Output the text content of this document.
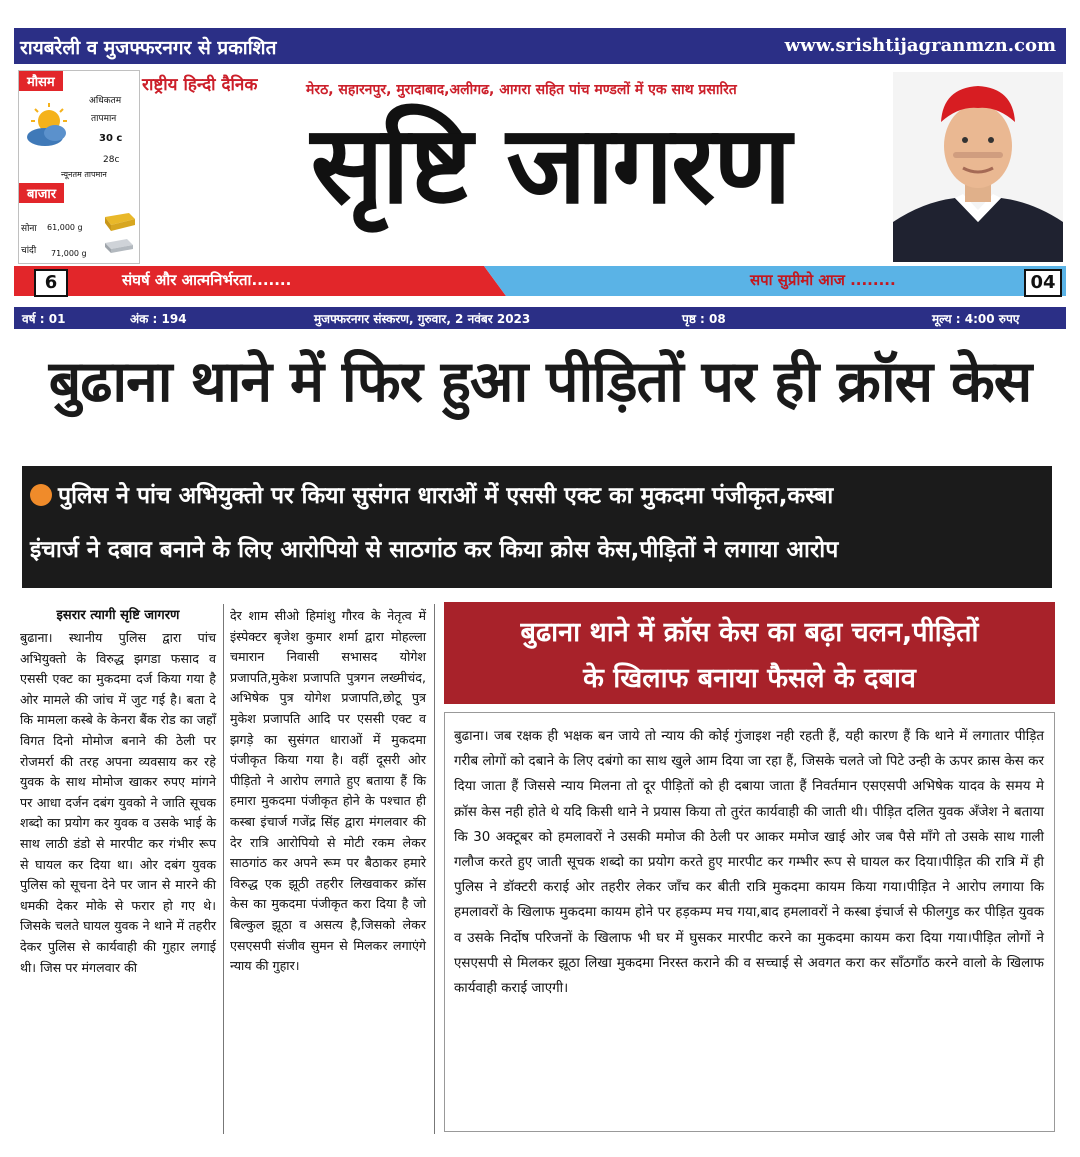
रायबरेली व मुजफ्फरनगर से प्रकाशित	www.srishtijagranmzn.com
मौसम
अधिकतम
तापमान
30 c
28c
न्यूनतम तापमान
बाजार
सोना 61,000 g
चांदी 71,000 g
राष्ट्रीय हिन्दी दैनिक	मेरठ, सहारनपुर, मुरादाबाद,अलीगढ, आगरा सहित पांच मण्डलों में एक साथ प्रसारित
सृष्टि जागरण
6	संघर्ष और आत्मनिर्भरता.......	सपा सुप्रीमो आज ........	04
वर्ष : 01	अंक : 194	मुजफ्फरनगर संस्करण, गुरुवार, 2 नवंबर 2023	पृष्ठ : 08	मूल्य : 4:00 रुपए
बुढाना थाने में फिर हुआ पीड़ितों पर ही क्रॉस केस
पुलिस ने पांच अभियुक्तो पर किया सुसंगत धाराओं में एससी एक्ट का मुकदमा पंजीकृत,कस्बा
इंचार्ज ने दबाव बनाने के लिए आरोपियो से साठगांठ कर किया क्रोस केस,पीड़ितों ने लगाया आरोप
इसरार त्यागी सृष्टि जागरण
बुढाना। स्थानीय पुलिस द्वारा पांच अभियुक्तो के विरुद्ध झगडा फसाद व एससी एक्ट का मुकदमा दर्ज किया गया है ओर मामले की जांच में जुट गई है। बता दे कि मामला कस्बे के केनरा बैंक रोड का जहाँ विगत दिनो मोमोज बनाने की ठेली पर रोजमर्रा की तरह अपना व्यवसाय कर रहे युवक के साथ मोमोज खाकर रुपए मांगने पर आधा दर्जन दबंग युवको ने जाति सूचक शब्दो का प्रयोग कर युवक व उसके भाई के साथ लाठी डंडो से मारपीट कर गंभीर रूप से घायल कर दिया था। ओर दबंग युवक पुलिस को सूचना देने पर जान से मारने की धमकी देकर मोके से फरार हो गए थे। जिसके चलते घायल युवक ने थाने में तहरीर देकर पुलिस से कार्यवाही की गुहार लगाई थी। जिस पर मंगलवार की
देर शाम सीओ हिमांशु गौरव के नेतृत्व में इंस्पेक्टर बृजेश कुमार शर्मा द्वारा मोहल्ला चमारान निवासी सभासद योगेश प्रजापति,मुकेश प्रजापति पुत्रगन लख्मीचंद, अभिषेक पुत्र योगेश प्रजापति,छोटू पुत्र मुकेश प्रजापति आदि पर एससी एक्ट व झगड़े का सुसंगत धाराओं में मुकदमा पंजीकृत किया गया है। वहीं दूसरी ओर पीड़ितो ने आरोप लगाते हुए बताया हैं कि हमारा मुकदमा पंजीकृत होने के पश्चात ही कस्बा इंचार्ज गजेंद्र सिंह द्वारा मंगलवार की देर रात्रि आरोपियो से मोटी रकम लेकर साठगांठ कर अपने रूम पर बैठाकर हमारे विरुद्ध एक झूठी तहरीर लिखवाकर क्रॉस केस का मुकदमा पंजीकृत करा दिया है जो बिल्कुल झूठा व असत्य है,जिसको लेकर एसएसपी संजीव सुमन से मिलकर लगाएंगे न्याय की गुहार।
बुढाना थाने में क्रॉस केस का बढ़ा चलन,पीड़ितों
के खिलाफ बनाया फैसले के दबाव
बुढाना। जब रक्षक ही भक्षक बन जाये तो न्याय की कोई गुंजाइश नही रहती हैं, यही कारण हैं कि थाने में लगातार पीड़ित गरीब लोगों को दबाने के लिए दबंगो का साथ खुले आम दिया जा रहा हैं, जिसके चलते जो पिटे उन्ही के ऊपर क्रास केस कर दिया जाता हैं जिससे न्याय मिलना तो दूर पीड़ितों को ही दबाया जाता हैं निवर्तमान एसएसपी अभिषेक यादव के समय मे क्रॉस केस नही होते थे यदि किसी थाने ने प्रयास किया तो तुरंत कार्यवाही की जाती थी। पीड़ित दलित युवक अँजेश ने बताया कि 30 अक्टूबर को हमलावरों ने उसकी ममोज की ठेली पर आकर ममोज खाई ओर जब पैसे माँगे तो उसके साथ गाली गलौज करते हुए जाती सूचक शब्दो का प्रयोग करते हुए मारपीट कर गम्भीर रूप से घायल कर दिया।पीड़ित की रात्रि में ही पुलिस ने डॉक्टरी कराई ओर तहरीर लेकर जाँच कर बीती रात्रि मुकदमा कायम किया गया।पीड़ित ने आरोप लगाया कि हमलावरों के खिलाफ मुकदमा कायम होने पर हड़कम्प मच गया,बाद हमलावरों ने कस्बा इंचार्ज से फीलगुड कर पीड़ित युवक व उसके निर्दोष परिजनों के खिलाफ भी घर में घुसकर मारपीट करने का मुकदमा कायम करा दिया गया।पीड़ित लोगों ने एसएसपी से मिलकर झूठा लिखा मुकदमा निरस्त कराने की व सच्चाई से अवगत करा कर साँठगाँठ करने वालो के खिलाफ कार्यवाही कराई जाएगी।
